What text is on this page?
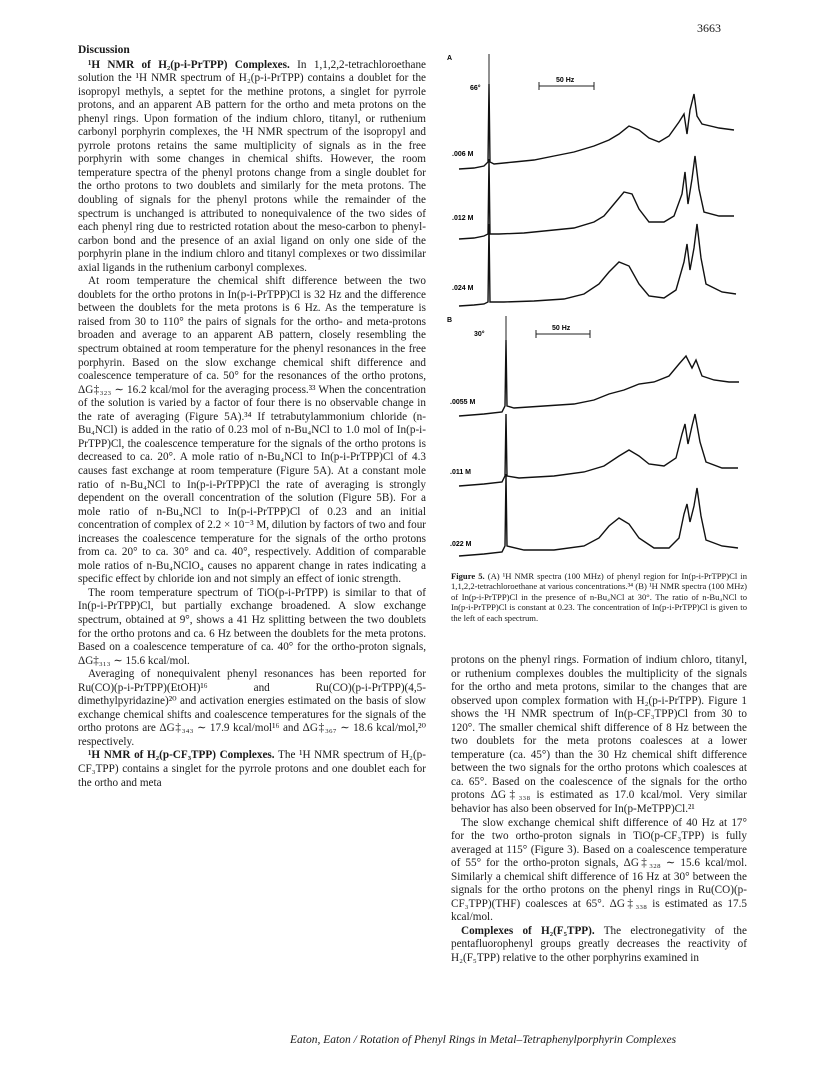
3663
Discussion

¹H NMR of H₂(p-i-PrTPP) Complexes. In 1,1,2,2-tetrachloroethane solution the ¹H NMR spectrum of H₂(p-i-PrTPP) contains a doublet for the isopropyl methyls, a septet for the methine protons, a singlet for pyrrole protons, and an apparent AB pattern for the ortho and meta protons on the phenyl rings. Upon formation of the indium chloro, titanyl, or ruthenium carbonyl porphyrin complexes, the ¹H NMR spectrum of the isopropyl and pyrrole protons retains the same multiplicity of signals as in the free porphyrin with some changes in chemical shifts. However, the room temperature spectra of the phenyl protons change from a single doublet for the ortho protons to two doublets and similarly for the meta protons. The doubling of signals for the phenyl protons while the remainder of the spectrum is unchanged is attributed to nonequivalence of the two sides of each phenyl ring due to restricted rotation about the meso-carbon to phenyl-carbon bond and the presence of an axial ligand on only one side of the porphyrin plane in the indium chloro and titanyl complexes or two dissimilar axial ligands in the ruthenium carbonyl complexes.

At room temperature the chemical shift difference between the two doublets for the ortho protons in In(p-i-PrTPP)Cl is 32 Hz and the difference between the doublets for the meta protons is 6 Hz. As the temperature is raised from 30 to 110° the pairs of signals for the ortho- and meta-protons broaden and average to an apparent AB pattern, closely resembling the spectrum obtained at room temperature for the phenyl resonances in the free porphyrin. Based on the slow exchange chemical shift difference and coalescence temperature of ca. 50° for the resonances of the ortho protons, ΔG‡₃₂₃ ∼ 16.2 kcal/mol for the averaging process.³³ When the concentration of the solution is varied by a factor of four there is no observable change in the rate of averaging (Figure 5A).³⁴ If tetrabutylammonium chloride (n-Bu₄NCl) is added in the ratio of 0.23 mol of n-Bu₄NCl to 1.0 mol of In(p-i-PrTPP)Cl, the coalescence temperature for the signals of the ortho protons is decreased to ca. 20°. A mole ratio of n-Bu₄NCl to In(p-i-PrTPP)Cl of 4.3 causes fast exchange at room temperature (Figure 5A). At a constant mole ratio of n-Bu₄NCl to In(p-i-PrTPP)Cl the rate of averaging is strongly dependent on the overall concentration of the solution (Figure 5B). For a mole ratio of n-Bu₄NCl to In(p-i-PrTPP)Cl of 0.23 and an initial concentration of complex of 2.2 × 10⁻³ M, dilution by factors of two and four increases the coalescence temperature for the signals of the ortho protons from ca. 20° to ca. 30° and ca. 40°, respectively. Addition of comparable mole ratios of n-Bu₄NClO₄ causes no apparent change in rates indicating a specific effect by chloride ion and not simply an effect of ionic strength.

The room temperature spectrum of TiO(p-i-PrTPP) is similar to that of In(p-i-PrTPP)Cl, but partially exchange broadened. A slow exchange spectrum, obtained at 9°, shows a 41 Hz splitting between the two doublets for the ortho protons and ca. 6 Hz between the doublets for the meta protons. Based on a coalescence temperature of ca. 40° for the ortho-proton signals, ΔG‡₃₁₃ ∼ 15.6 kcal/mol.

Averaging of nonequivalent phenyl resonances has been reported for Ru(CO)(p-i-PrTPP)(EtOH)¹⁶ and Ru(CO)(p-i-PrTPP)(4,5-dimethylpyridazine)²⁰ and activation energies estimated on the basis of slow exchange chemical shifts and coalescence temperatures for the signals of the ortho protons are ΔG‡₃₄₃ ∼ 17.9 kcal/mol¹⁶ and ΔG‡₃₆₇ ∼ 18.6 kcal/mol,²⁰ respectively.

¹H NMR of H₂(p-CF₃TPP) Complexes. The ¹H NMR spectrum of H₂(p-CF₃TPP) contains a singlet for the pyrrole protons and one doublet each for the ortho and meta

A
66°
50 Hz
.006 M
.012 M
.024 M
B
30°
50 Hz
.0055 M
.011 M
.022 M
Figure 5. (A) ¹H NMR spectra (100 MHz) of phenyl region for In(p-i-PrTPP)Cl in 1,1,2,2-tetrachloroethane at various concentrations.³⁴ (B) ¹H NMR spectra (100 MHz) of In(p-i-PrTPP)Cl in the presence of n-Bu₄NCl at 30°. The ratio of n-Bu₄NCl to In(p-i-PrTPP)Cl is constant at 0.23. The concentration of In(p-i-PrTPP)Cl is given to the left of each spectrum.

protons on the phenyl rings. Formation of indium chloro, titanyl, or ruthenium complexes doubles the multiplicity of the signals for the ortho and meta protons, similar to the changes that are observed upon complex formation with H₂(p-i-PrTPP). Figure 1 shows the ¹H NMR spectrum of In(p-CF₃TPP)Cl from 30 to 120°. The smaller chemical shift difference of 8 Hz between the two doublets for the meta protons coalesces at a lower temperature (ca. 45°) than the 30 Hz chemical shift difference between the two signals for the ortho protons which coalesces at ca. 65°. Based on the coalescence of the signals for the ortho protons ΔG‡₃₃₈ is estimated as 17.0 kcal/mol. Very similar behavior has also been observed for In(p-MeTPP)Cl.²¹

The slow exchange chemical shift difference of 40 Hz at 17° for the two ortho-proton signals in TiO(p-CF₃TPP) is fully averaged at 115° (Figure 3). Based on a coalescence temperature of 55° for the ortho-proton signals, ΔG‡₃₂₈ ∼ 15.6 kcal/mol. Similarly a chemical shift difference of 16 Hz at 30° between the signals for the ortho protons on the phenyl rings in Ru(CO)(p-CF₃TPP)(THF) coalesces at 65°. ΔG‡₃₃₈ is estimated as 17.5 kcal/mol.

Complexes of H₂(F₅TPP). The electronegativity of the pentafluorophenyl groups greatly decreases the reactivity of H₂(F₅TPP) relative to the other porphyrins examined in

Eaton, Eaton / Rotation of Phenyl Rings in Metal–Tetraphenylporphyrin Complexes
